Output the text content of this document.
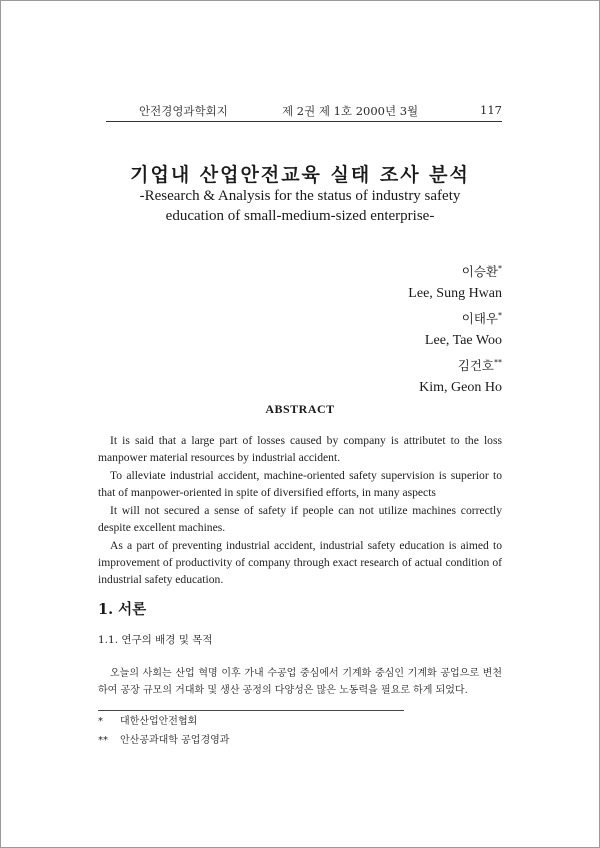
안전경영과학회지	제 2권 제 1호 2000년 3월	117
기업내 산업안전교육 실태 조사 분석
-Research & Analysis for the status of industry safety
education of small-medium-sized enterprise-
이승환*
Lee, Sung Hwan
이태우*
Lee, Tae Woo
김건호**
Kim, Geon Ho
ABSTRACT

It is said that a large part of losses caused by company is attributet to the loss manpower material resources by industrial accident.

To alleviate industrial accident, machine-oriented safety supervision is superior to that of manpower-oriented in spite of diversified efforts, in many aspects

It will not secured a sense of safety if people can not utilize machines correctly despite excellent machines.

As a part of preventing industrial accident, industrial safety education is aimed to improvement of productivity of company through exact research of actual condition of industrial safety education.

1. 서론
1.1. 연구의 배경 및 목적

오늘의 사회는 산업 혁명 이후 가내 수공업 중심에서 기계화 중심인 기계화 공업으로 변천하여 공장 규모의 거대화 및 생산 공정의 다양성은 많은 노동력을 필요로 하게 되었다.

* 대한산업안전협회
** 안산공과대학 공업경영과
